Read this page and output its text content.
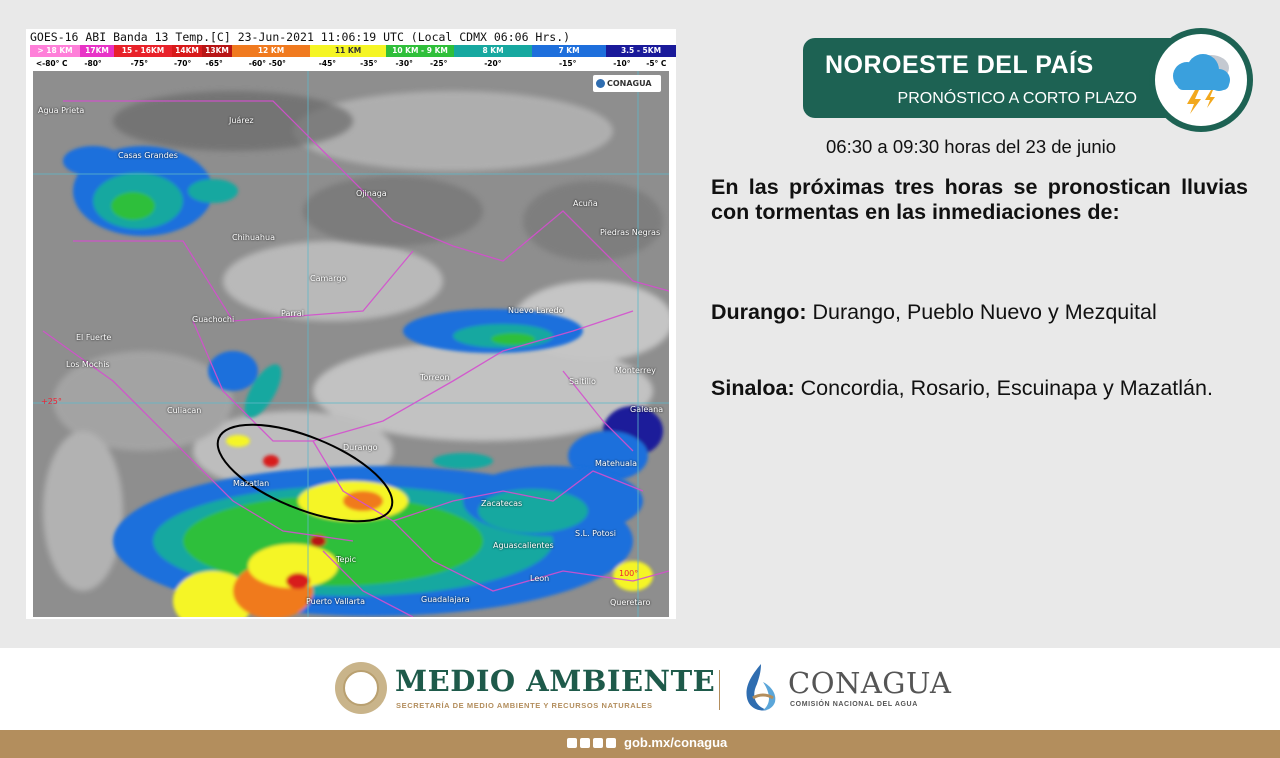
GOES-16 ABI Banda 13 Temp.[C] 23-Jun-2021 11:06:19 UTC (Local CDMX 06:06 Hrs.)
> 18 KM	17KM	15 - 16KM	14KM 13KM	12 KM	11 KM	10 KM - 9 KM	8 KM	7 KM	3.5 - 5KM
<-80° C	-80°	-75°	-70°	-65°	-60° -50°	-45°	-35°	-30°	-25°	-20°	-15°	-10°	-5° C
CONAGUA
+25°
100°
Agua Prieta
Juárez
Casas Grandes
Ojinaga
Acuña
Chihuahua
Piedras Negras
Camargo
Guachochi
Parral	Nuevo Laredo
El Fuerte
Los Mochis
Torreon
Monterrey
Saltillo
Culiacan
Durango
Galeana
Matehuala
Mazatlan
Zacatecas
S.L. Potosi
Aguascalientes
Tepic
Puerto Vallarta	Guadalajara
Leon
Queretaro
NOROESTE DEL PAÍS
PRONÓSTICO A CORTO PLAZO
06:30 a 09:30 horas del 23 de junio
En las próximas tres horas se pronostican lluvias con tormentas en las inmediaciones de:
Durango: Durango, Pueblo Nuevo y Mezquital
Sinaloa: Concordia, Rosario, Escuinapa y Mazatlán.
MEDIO AMBIENTE
SECRETARÍA DE MEDIO AMBIENTE Y RECURSOS NATURALES
CONAGUA
COMISIÓN NACIONAL DEL AGUA
gob.mx/conagua
